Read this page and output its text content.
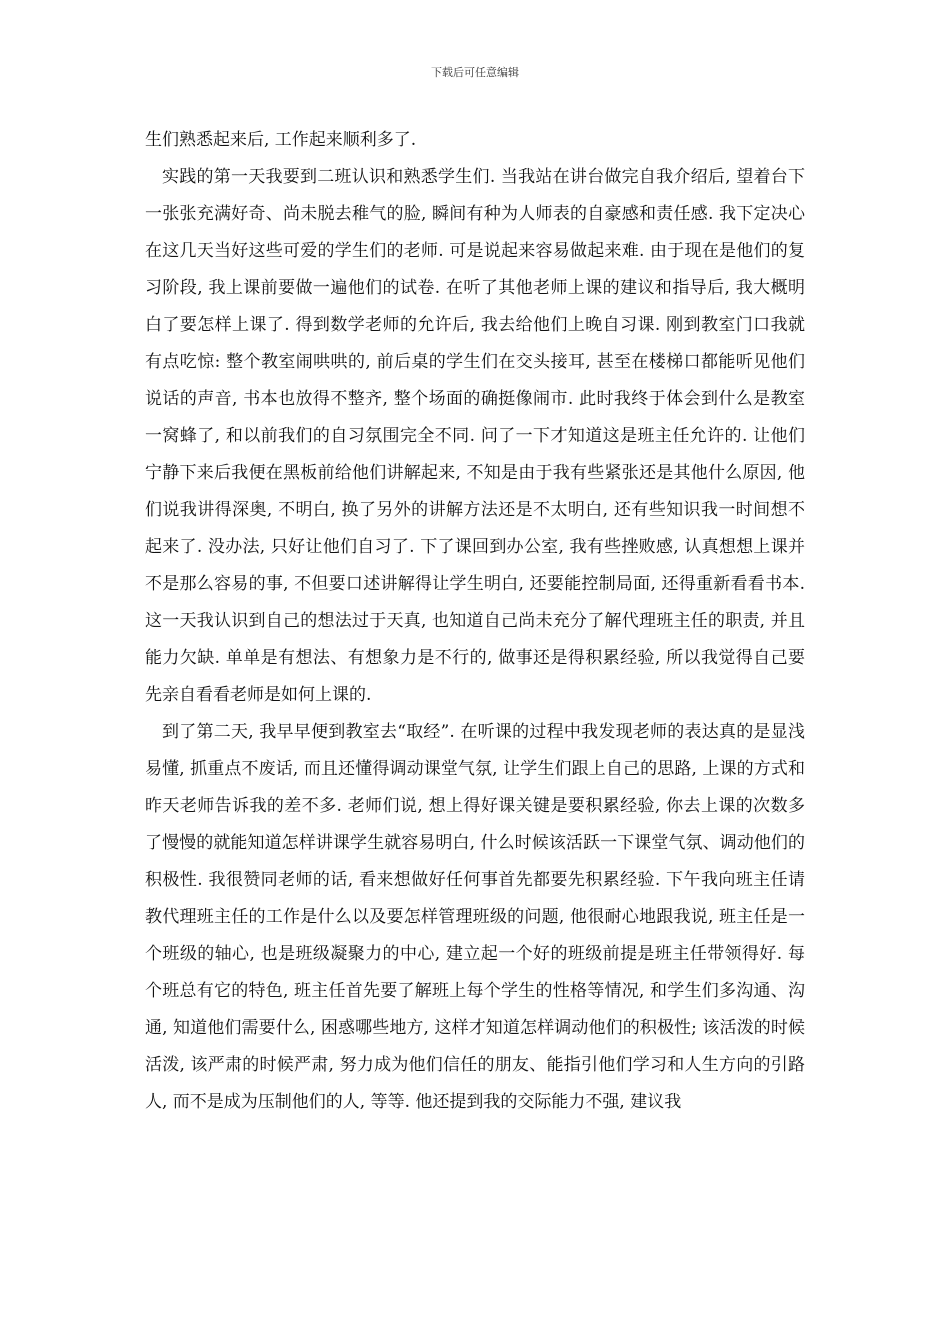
下载后可任意编辑

生们熟悉起来后, 工作起来顺利多了.

实践的第一天我要到二班认识和熟悉学生们. 当我站在讲台做完自我介绍后, 望着台下一张张充满好奇、尚未脱去稚气的脸, 瞬间有种为人师表的自豪感和责任感. 我下定决心在这几天当好这些可爱的学生们的老师. 可是说起来容易做起来难. 由于现在是他们的复习阶段, 我上课前要做一遍他们的试卷. 在听了其他老师上课的建议和指导后, 我大概明白了要怎样上课了. 得到数学老师的允许后, 我去给他们上晚自习课. 刚到教室门口我就有点吃惊: 整个教室闹哄哄的, 前后桌的学生们在交头接耳, 甚至在楼梯口都能听见他们说话的声音, 书本也放得不整齐, 整个场面的确挺像闹市. 此时我终于体会到什么是教室一窝蜂了, 和以前我们的自习氛围完全不同. 问了一下才知道这是班主任允许的. 让他们宁静下来后我便在黑板前给他们讲解起来, 不知是由于我有些紧张还是其他什么原因, 他们说我讲得深奥, 不明白, 换了另外的讲解方法还是不太明白, 还有些知识我一时间想不起来了. 没办法, 只好让他们自习了. 下了课回到办公室, 我有些挫败感, 认真想想上课并不是那么容易的事, 不但要口述讲解得让学生明白, 还要能控制局面, 还得重新看看书本. 这一天我认识到自己的想法过于天真, 也知道自己尚未充分了解代理班主任的职责, 并且能力欠缺. 单单是有想法、有想象力是不行的, 做事还是得积累经验, 所以我觉得自己要先亲自看看老师是如何上课的.

到了第二天, 我早早便到教室去“取经”. 在听课的过程中我发现老师的表达真的是显浅易懂, 抓重点不废话, 而且还懂得调动课堂气氛, 让学生们跟上自己的思路, 上课的方式和昨天老师告诉我的差不多. 老师们说, 想上得好课关键是要积累经验, 你去上课的次数多了慢慢的就能知道怎样讲课学生就容易明白, 什么时候该活跃一下课堂气氛、调动他们的积极性. 我很赞同老师的话, 看来想做好任何事首先都要先积累经验. 下午我向班主任请教代理班主任的工作是什么以及要怎样管理班级的问题, 他很耐心地跟我说, 班主任是一个班级的轴心, 也是班级凝聚力的中心, 建立起一个好的班级前提是班主任带领得好. 每个班总有它的特色, 班主任首先要了解班上每个学生的性格等情况, 和学生们多沟通、沟通, 知道他们需要什么, 困惑哪些地方, 这样才知道怎样调动他们的积极性; 该活泼的时候活泼, 该严肃的时候严肃, 努力成为他们信任的朋友、能指引他们学习和人生方向的引路人, 而不是成为压制他们的人, 等等. 他还提到我的交际能力不强, 建议我
